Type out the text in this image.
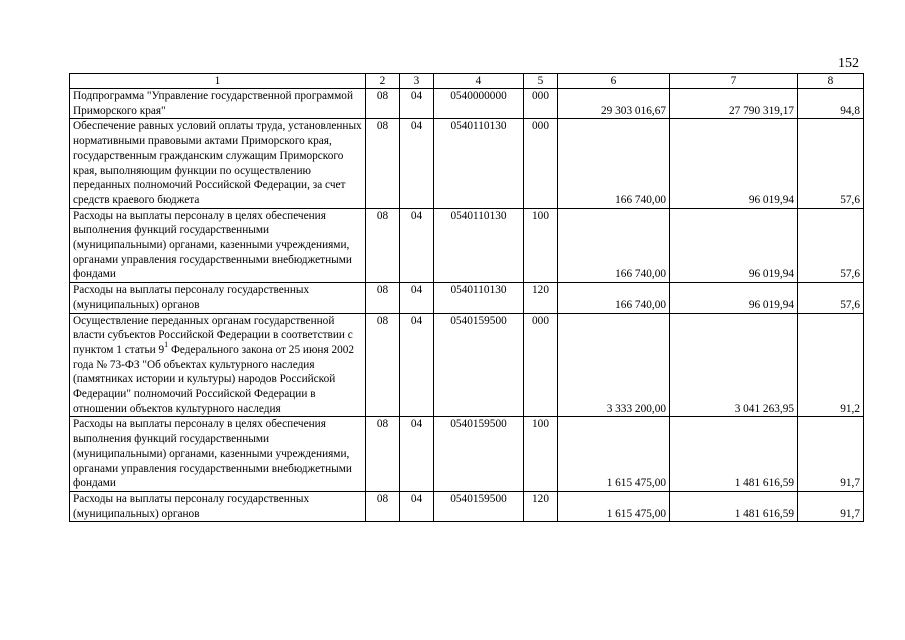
152
1	2	3	4	5	6	7	8
Подпрограмма "Управление государственной программой Приморского края"	08	04	0540000000	000	29 303 016,67	27 790 319,17	94,8
Обеспечение равных условий оплаты труда, установленных нормативными правовыми актами Приморского края, государственным гражданским служащим Приморского края, выполняющим функции по осуществлению переданных полномочий Российской Федерации, за счет средств краевого бюджета	08	04	0540110130	000	166 740,00	96 019,94	57,6
Расходы на выплаты персоналу в целях обеспечения выполнения функций государственными (муниципальными) органами, казенными учреждениями, органами управления государственными внебюджетными фондами	08	04	0540110130	100	166 740,00	96 019,94	57,6
Расходы на выплаты персоналу государственных (муниципальных) органов	08	04	0540110130	120	166 740,00	96 019,94	57,6
Осуществление переданных органам государственной власти субъектов Российской Федерации в соответствии с пунктом 1 статьи 9$^1$ Федерального закона от 25 июня 2002 года № 73-ФЗ "Об объектах культурного наследия (памятниках истории и культуры) народов Российской Федерации" полномочий Российской Федерации в отношении объектов культурного наследия	08	04	0540159500	000	3 333 200,00	3 041 263,95	91,2
Расходы на выплаты персоналу в целях обеспечения выполнения функций государственными (муниципальными) органами, казенными учреждениями, органами управления государственными внебюджетными фондами	08	04	0540159500	100	1 615 475,00	1 481 616,59	91,7
Расходы на выплаты персоналу государственных (муниципальных) органов	08	04	0540159500	120	1 615 475,00	1 481 616,59	91,7
